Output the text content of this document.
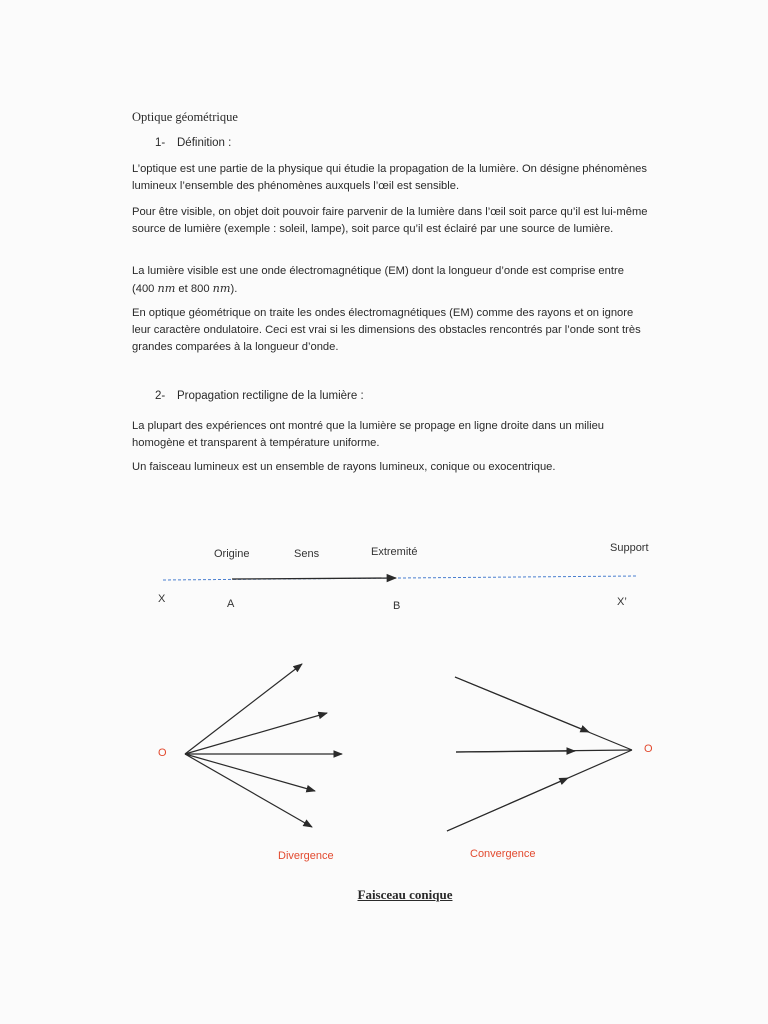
Optique géométrique
1- Définition :
L’optique est une partie de la physique qui étudie la propagation de la lumière. On désigne phénomènes lumineux l’ensemble des phénomènes auxquels l’œil est sensible.
Pour être visible, on objet doit pouvoir faire parvenir de la lumière dans l’œil soit parce qu’il est lui-même source de lumière (exemple : soleil, lampe), soit parce qu’il est éclairé par une source de lumière.
La lumière visible est une onde électromagnétique (EM) dont la longueur d’onde est comprise entre
(400 nm et 800 nm).
En optique géométrique on traite les ondes électromagnétiques (EM) comme des rayons et on ignore leur caractère ondulatoire. Ceci est vrai si les dimensions des obstacles rencontrés par l’onde sont très grandes comparées à la longueur d’onde.
2- Propagation rectiligne de la lumière :
La plupart des expériences ont montré que la lumière se propage en ligne droite dans un milieu homogène et transparent à température uniforme.
Un faisceau lumineux est un ensemble de rayons lumineux, conique ou exocentrique.
Origine	Sens	Extremité	Support
X	A	B	X’
O	O
Divergence	Convergence
Faisceau conique
